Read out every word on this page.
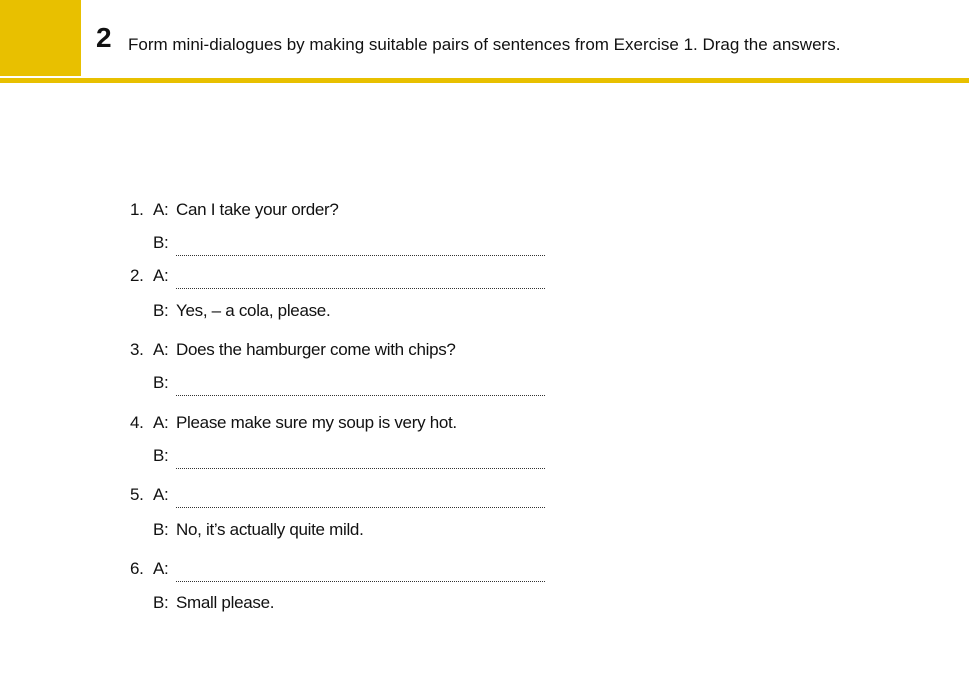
2 Form mini-dialogues by making suitable pairs of sentences from Exercise 1. Drag the answers.
1. A: Can I take your order?
B:
2. A:
B: Yes, – a cola, please.
3. A: Does the hamburger come with chips?
B:
4. A: Please make sure my soup is very hot.
B:
5. A:
B: No, it’s actually quite mild.
6. A:
B: Small please.
